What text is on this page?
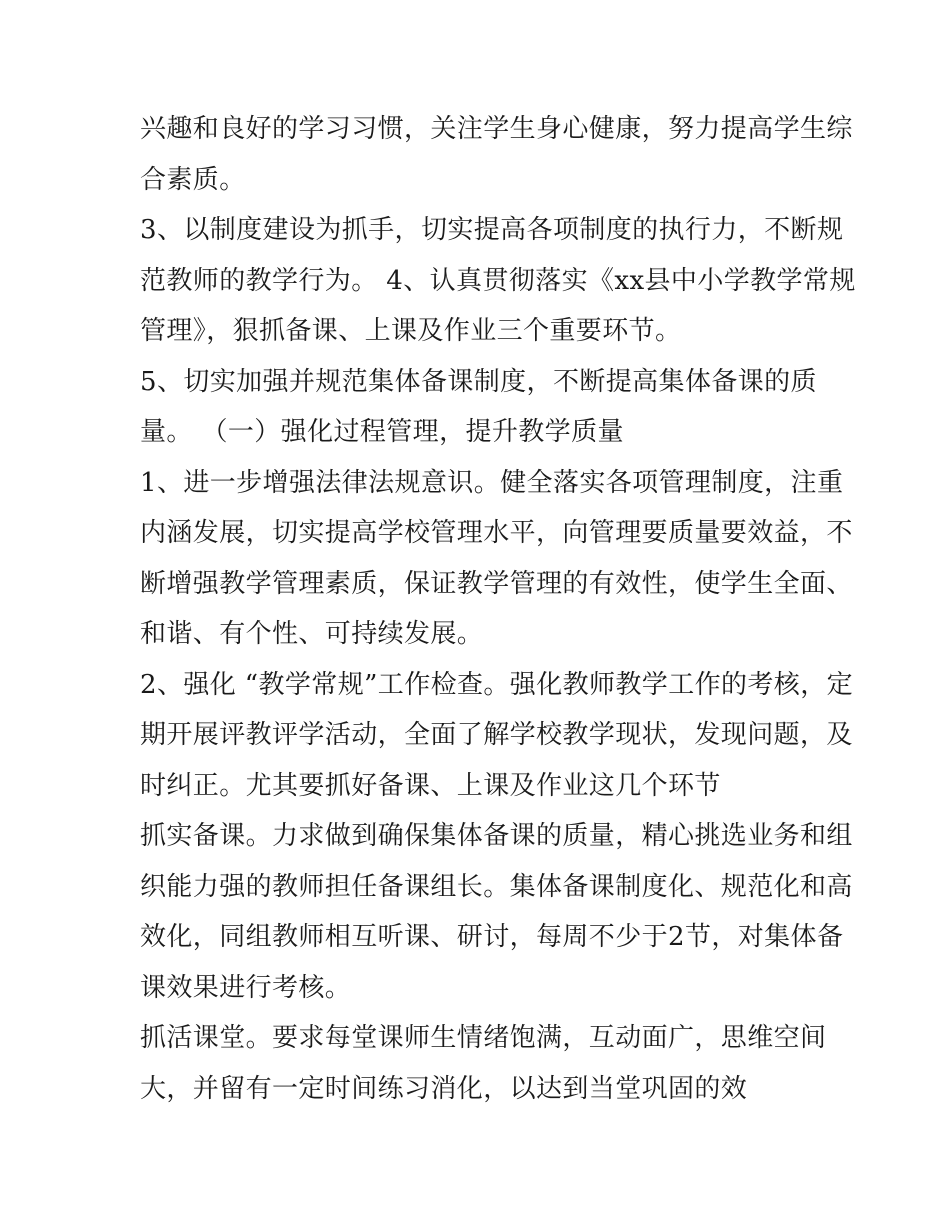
兴趣和良好的学习习惯，关注学生身心健康，努力提高学生综
合素质。
3、以制度建设为抓手，切实提高各项制度的执行力，不断规
范教师的教学行为。 4、认真贯彻落实《xx县中小学教学常规
管理》，狠抓备课、上课及作业三个重要环节。
5、切实加强并规范集体备课制度，不断提高集体备课的质
量。 （一）强化过程管理，提升教学质量
1、进一步增强法律法规意识。健全落实各项管理制度，注重
内涵发展，切实提高学校管理水平，向管理要质量要效益，不
断增强教学管理素质，保证教学管理的有效性，使学生全面、
和谐、有个性、可持续发展。
2、强化 “教学常规”工作检查。强化教师教学工作的考核，定
期开展评教评学活动，全面了解学校教学现状，发现问题，及
时纠正。尤其要抓好备课、上课及作业这几个环节
抓实备课。力求做到确保集体备课的质量，精心挑选业务和组
织能力强的教师担任备课组长。集体备课制度化、规范化和高
效化，同组教师相互听课、研讨，每周不少于2节，对集体备
课效果进行考核。
抓活课堂。要求每堂课师生情绪饱满，互动面广，思维空间
大，并留有一定时间练习消化，以达到当堂巩固的效
